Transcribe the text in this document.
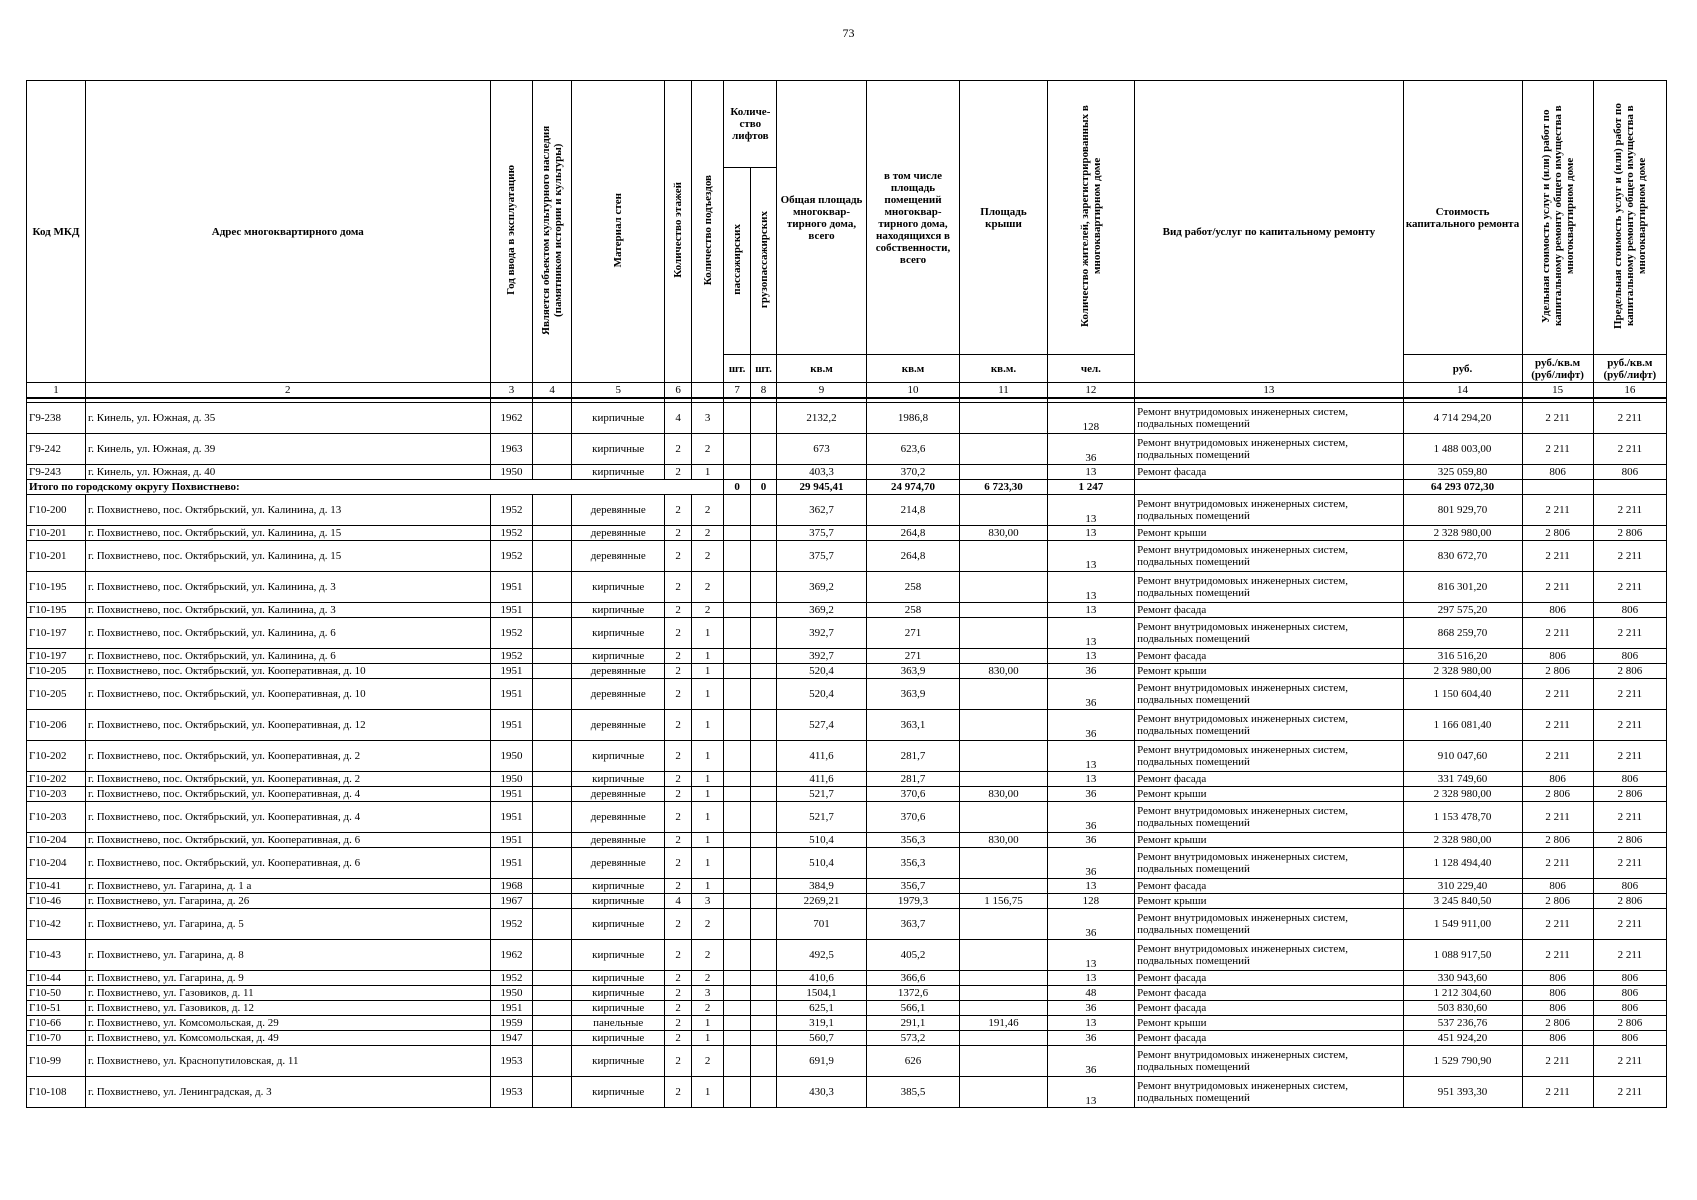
73
Код МКД	Адрес многоквартирного дома	Год ввода в эксплуатацию	Является объектом культурного наследия (памятником истории и культуры)	Материал стен	Количество этажей	Количество подъездов	Количе-ство лифтов		Общая площадь многоквар-тирного дома, всего	в том числе площадь помещений многоквар-тирного дома, находящихся в собственности, всего	Площадь крыши	Количество жителей, зарегистрированных в многоквартирном доме	Вид работ/услуг по капитальному ремонту	Стоимость капитального ремонта	Удельная стоимость услуг и (или) работ по капитальному ремонту общего имущества в многоквартирном доме	Предельная стоимость услуг и (или) работ по капитальному ремонту общего имущества в многоквартирном доме
							пассажирских	грузопассажирских								
							шт.	шт.	кв.м	кв.м	кв.м.	чел.		руб.	руб./кв.м (руб/лифт)	руб./кв.м (руб/лифт)
1	2	3	4	5	6		7	8	9	10	11	12	13	14	15	16

Г9-238	г. Кинель, ул. Южная, д. 35	1962		кирпичные	4	3			2132,2	1986,8		128	Ремонт внутридомовых инженерных систем, подвальных помещений	4 714 294,20	2 211	2 211
Г9-242	г. Кинель, ул. Южная, д. 39	1963		кирпичные	2	2			673	623,6		36	Ремонт внутридомовых инженерных систем, подвальных помещений	1 488 003,00	2 211	2 211
Г9-243	г. Кинель, ул. Южная, д. 40	1950		кирпичные	2	1			403,3	370,2		13	Ремонт фасада	325 059,80	806	806
Итого по городскому округу Похвистнево:							0	0	29 945,41	24 974,70	6 723,30	1 247		64 293 072,30		
Г10-200	г. Похвистнево, пос. Октябрьский, ул. Калинина, д. 13	1952		деревянные	2	2			362,7	214,8		13	Ремонт внутридомовых инженерных систем, подвальных помещений	801 929,70	2 211	2 211
Г10-201	г. Похвистнево, пос. Октябрьский, ул. Калинина, д. 15	1952		деревянные	2	2			375,7	264,8	830,00	13	Ремонт крыши	2 328 980,00	2 806	2 806
Г10-201	г. Похвистнево, пос. Октябрьский, ул. Калинина, д. 15	1952		деревянные	2	2			375,7	264,8		13	Ремонт внутридомовых инженерных систем, подвальных помещений	830 672,70	2 211	2 211
Г10-195	г. Похвистнево, пос. Октябрьский, ул. Калинина, д. 3	1951		кирпичные	2	2			369,2	258		13	Ремонт внутридомовых инженерных систем, подвальных помещений	816 301,20	2 211	2 211
Г10-195	г. Похвистнево, пос. Октябрьский, ул. Калинина, д. 3	1951		кирпичные	2	2			369,2	258		13	Ремонт фасада	297 575,20	806	806
Г10-197	г. Похвистнево, пос. Октябрьский, ул. Калинина, д. 6	1952		кирпичные	2	1			392,7	271		13	Ремонт внутридомовых инженерных систем, подвальных помещений	868 259,70	2 211	2 211
Г10-197	г. Похвистнево, пос. Октябрьский, ул. Калинина, д. 6	1952		кирпичные	2	1			392,7	271		13	Ремонт фасада	316 516,20	806	806
Г10-205	г. Похвистнево, пос. Октябрьский, ул. Кооперативная, д. 10	1951		деревянные	2	1			520,4	363,9	830,00	36	Ремонт крыши	2 328 980,00	2 806	2 806
Г10-205	г. Похвистнево, пос. Октябрьский, ул. Кооперативная, д. 10	1951		деревянные	2	1			520,4	363,9		36	Ремонт внутридомовых инженерных систем, подвальных помещений	1 150 604,40	2 211	2 211
Г10-206	г. Похвистнево, пос. Октябрьский, ул. Кооперативная, д. 12	1951		деревянные	2	1			527,4	363,1		36	Ремонт внутридомовых инженерных систем, подвальных помещений	1 166 081,40	2 211	2 211
Г10-202	г. Похвистнево, пос. Октябрьский, ул. Кооперативная, д. 2	1950		кирпичные	2	1			411,6	281,7		13	Ремонт внутридомовых инженерных систем, подвальных помещений	910 047,60	2 211	2 211
Г10-202	г. Похвистнево, пос. Октябрьский, ул. Кооперативная, д. 2	1950		кирпичные	2	1			411,6	281,7		13	Ремонт фасада	331 749,60	806	806
Г10-203	г. Похвистнево, пос. Октябрьский, ул. Кооперативная, д. 4	1951		деревянные	2	1			521,7	370,6	830,00	36	Ремонт крыши	2 328 980,00	2 806	2 806
Г10-203	г. Похвистнево, пос. Октябрьский, ул. Кооперативная, д. 4	1951		деревянные	2	1			521,7	370,6		36	Ремонт внутридомовых инженерных систем, подвальных помещений	1 153 478,70	2 211	2 211
Г10-204	г. Похвистнево, пос. Октябрьский, ул. Кооперативная, д. 6	1951		деревянные	2	1			510,4	356,3	830,00	36	Ремонт крыши	2 328 980,00	2 806	2 806
Г10-204	г. Похвистнево, пос. Октябрьский, ул. Кооперативная, д. 6	1951		деревянные	2	1			510,4	356,3		36	Ремонт внутридомовых инженерных систем, подвальных помещений	1 128 494,40	2 211	2 211
Г10-41	г. Похвистнево, ул. Гагарина, д. 1 а	1968		кирпичные	2	1			384,9	356,7		13	Ремонт фасада	310 229,40	806	806
Г10-46	г. Похвистнево, ул. Гагарина, д. 26	1967		кирпичные	4	3			2269,21	1979,3	1 156,75	128	Ремонт крыши	3 245 840,50	2 806	2 806
Г10-42	г. Похвистнево, ул. Гагарина, д. 5	1952		кирпичные	2	2			701	363,7		36	Ремонт внутридомовых инженерных систем, подвальных помещений	1 549 911,00	2 211	2 211
Г10-43	г. Похвистнево, ул. Гагарина, д. 8	1962		кирпичные	2	2			492,5	405,2		13	Ремонт внутридомовых инженерных систем, подвальных помещений	1 088 917,50	2 211	2 211
Г10-44	г. Похвистнево, ул. Гагарина, д. 9	1952		кирпичные	2	2			410,6	366,6		13	Ремонт фасада	330 943,60	806	806
Г10-50	г. Похвистнево, ул. Газовиков, д. 11	1950		кирпичные	2	3			1504,1	1372,6		48	Ремонт фасада	1 212 304,60	806	806
Г10-51	г. Похвистнево, ул. Газовиков, д. 12	1951		кирпичные	2	2			625,1	566,1		36	Ремонт фасада	503 830,60	806	806
Г10-66	г. Похвистнево, ул. Комсомольская, д. 29	1959		панельные	2	1			319,1	291,1	191,46	13	Ремонт крыши	537 236,76	2 806	2 806
Г10-70	г. Похвистнево, ул. Комсомольская, д. 49	1947		кирпичные	2	1			560,7	573,2		36	Ремонт фасада	451 924,20	806	806
Г10-99	г. Похвистнево, ул. Краснопутиловская, д. 11	1953		кирпичные	2	2			691,9	626		36	Ремонт внутридомовых инженерных систем, подвальных помещений	1 529 790,90	2 211	2 211
Г10-108	г. Похвистнево, ул. Ленинградская, д. 3	1953		кирпичные	2	1			430,3	385,5		13	Ремонт внутридомовых инженерных систем, подвальных помещений	951 393,30	2 211	2 211
